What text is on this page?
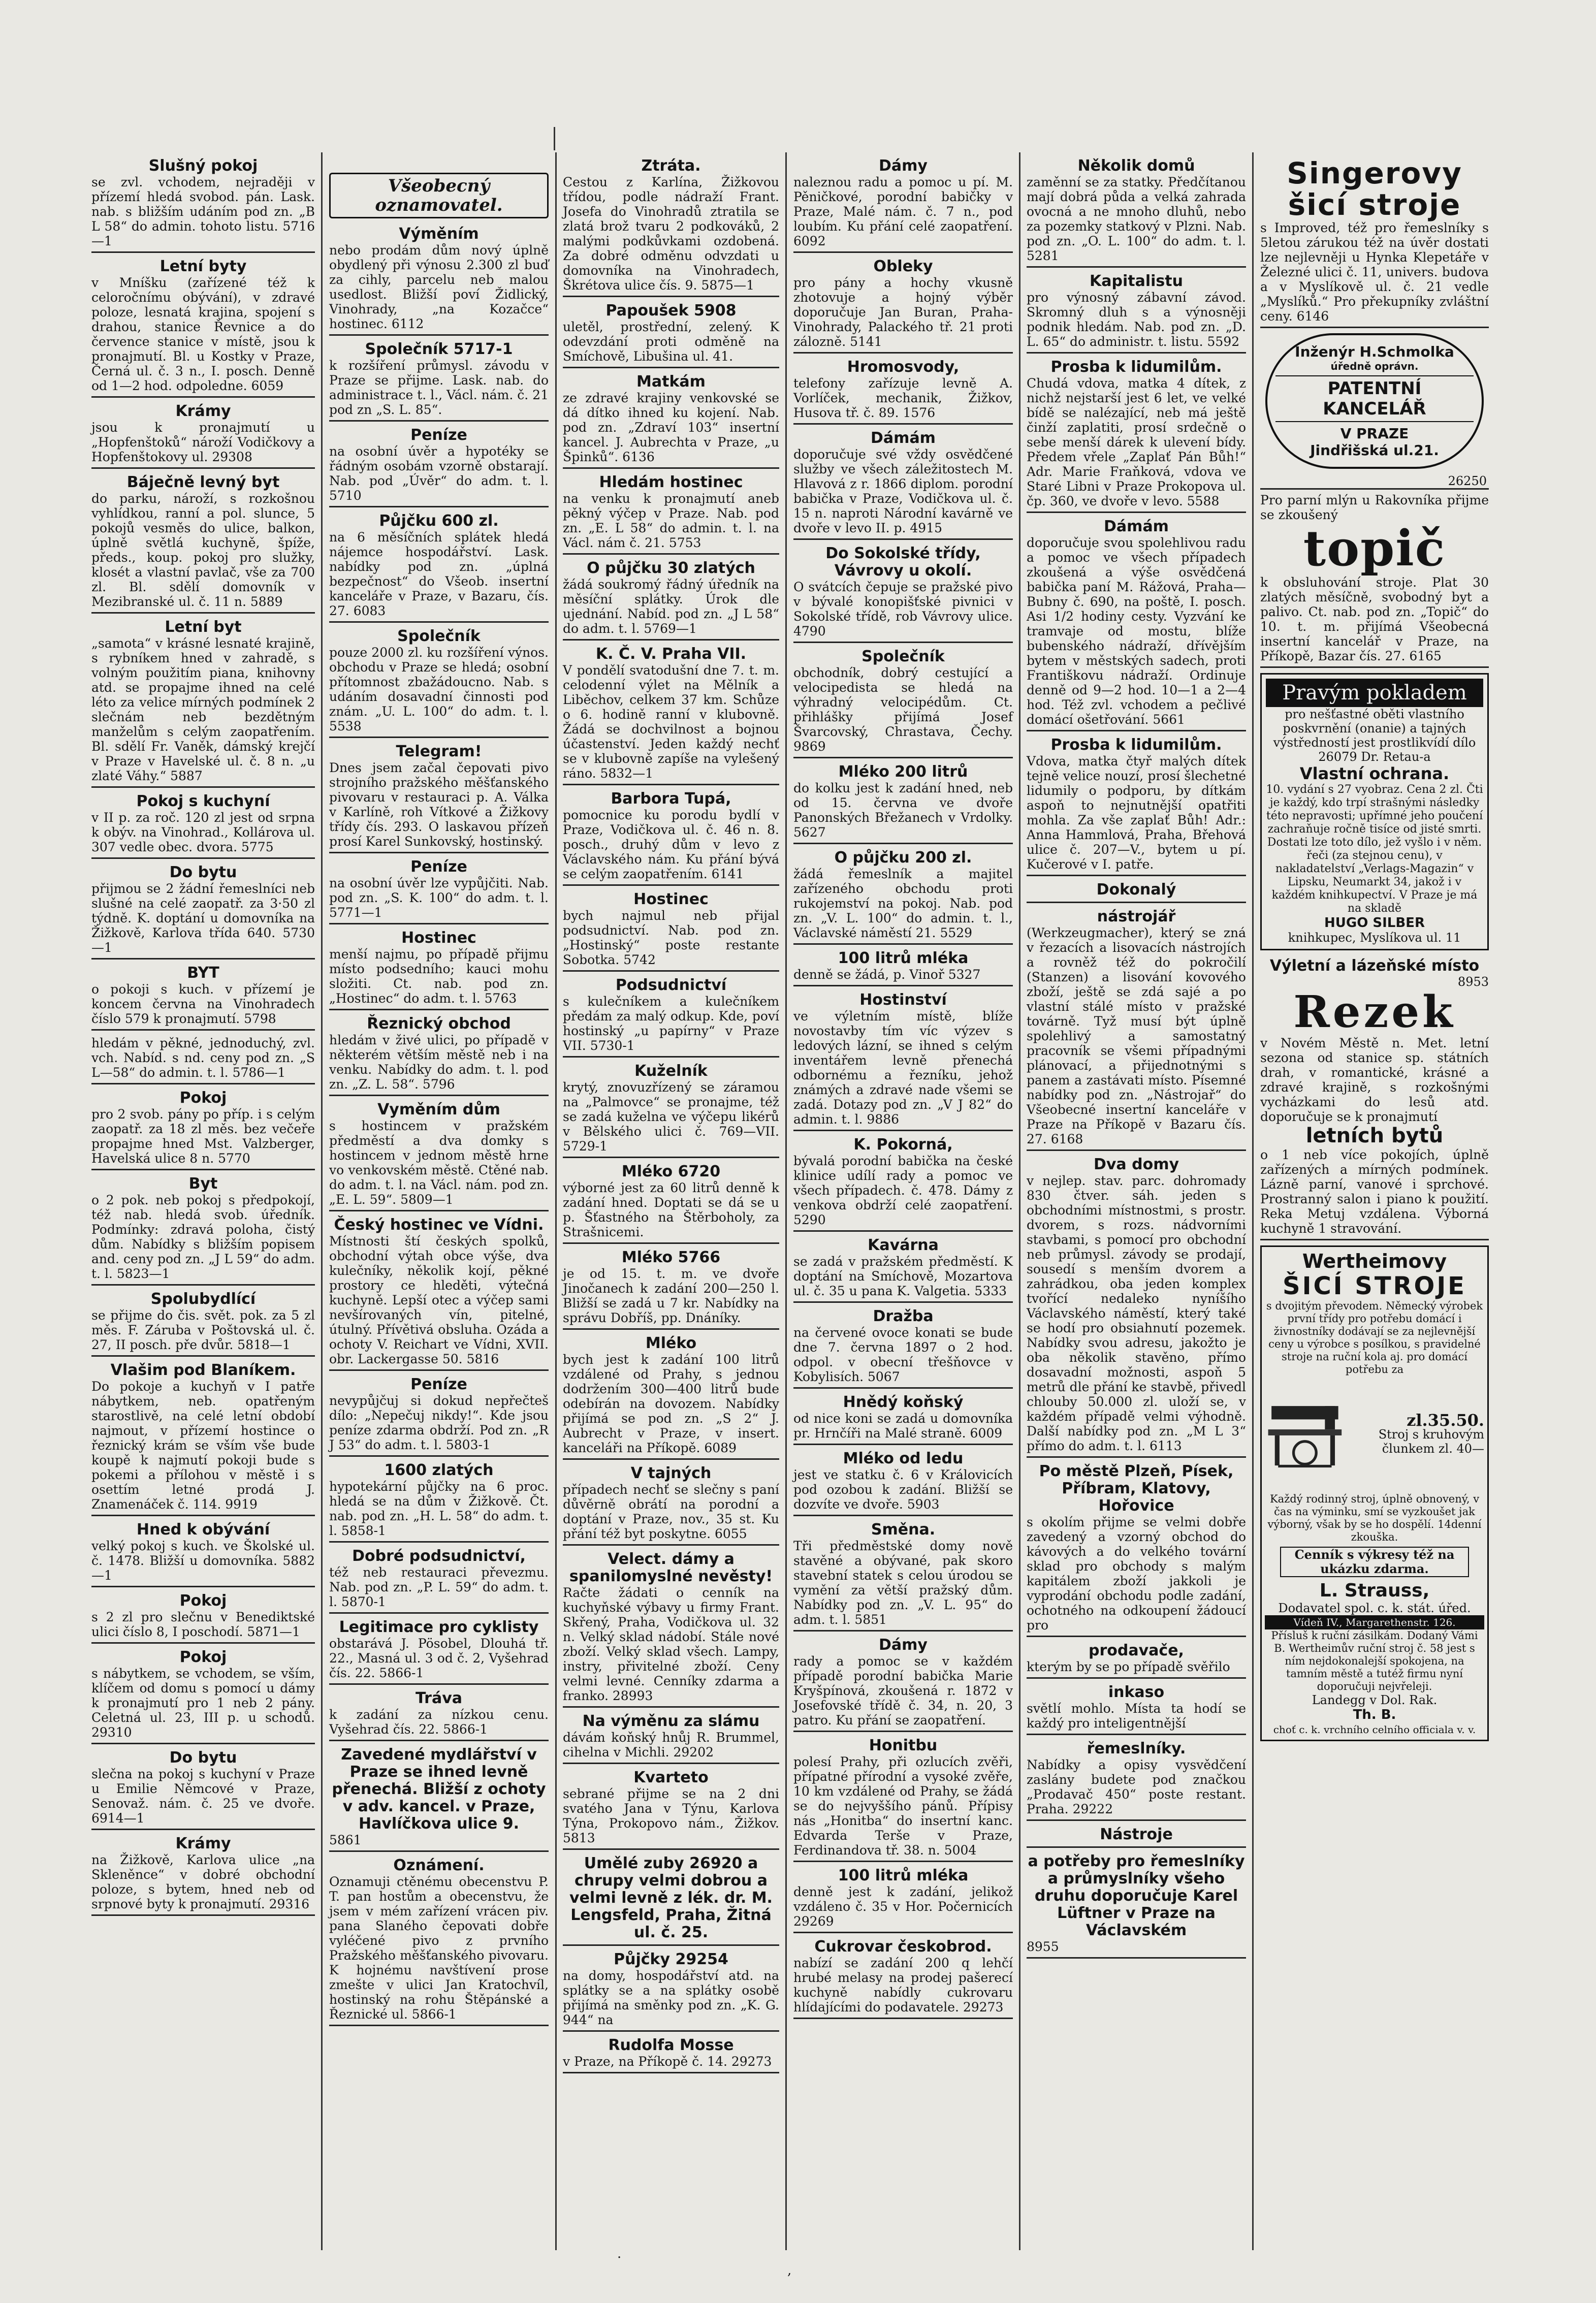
Slušný pokoj

se zvl. vchodem, nejraději v přízemí hledá svobod. pán. Lask. nab. s bližším udáním pod zn. „B L 58“ do admin. tohoto listu. 5716—1

Letní byty

v Mníšku (zařízené též k celoročnímu obývání), v zdravé poloze, lesnatá krajina, spojení s drahou, stanice Řevnice a do července stanice v místě, jsou k pronajmutí. Bl. u Kostky v Praze, Černá ul. č. 3 n., I. posch. Denně od 1—2 hod. odpoledne. 6059

Krámy

jsou k pronajmutí u „Hopfenštoků“ nároží Vodičkovy a Hopfenštokovy ul. 29308

Báječně levný byt

do parku, nároží, s rozkošnou vyhlídkou, ranní a pol. slunce, 5 pokojů vesměs do ulice, balkon, úplně světlá kuchyně, špíže, předs., koup. pokoj pro služky, klosét a vlastní pavlač, vše za 700 zl. Bl. sdělí domovník v Mezibranské ul. č. 11 n. 5889

Letní byt

„samota“ v krásné lesnaté krajině, s rybníkem hned v zahradě, s volným použitím piana, knihovny atd. se propajme ihned na celé léto za velice mírných podmínek 2 slečnám neb bezdětným manželům s celým zaopatřením. Bl. sdělí Fr. Vaněk, dámský krejčí v Praze v Havelské ul. č. 8 n. „u zlaté Váhy.“ 5887

Pokoj s kuchyní

v II p. za roč. 120 zl jest od srpna k obýv. na Vinohrad., Kollárova ul. 307 vedle obec. dvora. 5775

Do bytu

přijmou se 2 žádní řemeslníci neb slušné na celé zaopatř. za 3·50 zl týdně. K. doptání u domovníka na Žižkově, Karlova třída 640. 5730—1

BYT

o pokoji s kuch. v přízemí je koncem června na Vinohradech číslo 579 k pronajmutí. 5798

hledám v pěkné, jednoduchý, zvl. vch. Nabíd. s nd. ceny pod zn. „S L—58“ do admin. t. l. 5786—1

Pokoj

pro 2 svob. pány po příp. i s celým zaopatř. za 18 zl měs. bez večeře propajme hned Mst. Valzberger, Havelská ulice 8 n. 5770

Byt

o 2 pok. neb pokoj s předpokojí, též nab. hledá svob. úředník. Podmínky: zdravá poloha, čistý dům. Nabídky s bližším popisem and. ceny pod zn. „J L 59“ do adm. t. l. 5823—1

Spolubydlící

se přijme do čis. svět. pok. za 5 zl měs. F. Záruba v Poštovská ul. č. 27, II posch. pře dvůr. 5818—1

Vlašim pod Blaníkem.

Do pokoje a kuchyň v I patře nábytkem, neb. opatřeným starostlivě, na celé letní období najmout, v přízemí hostince o řeznický krám se vším vše bude koupě k najmutí pokoji bude s pokemi a přílohou v městě i s osettím letné prodá J. Znamenáček č. 114. 9919

Hned k obývání

velký pokoj s kuch. ve Školské ul. č. 1478. Bližší u domovníka. 5882—1

Pokoj

s 2 zl pro slečnu v Benediktské ulici číslo 8, I poschodí. 5871—1

Pokoj

s nábytkem, se vchodem, se vším, klíčem od domu s pomocí u dámy k pronajmutí pro 1 neb 2 pány. Celetná ul. 23, III p. u schodů. 29310

Do bytu

slečna na pokoj s kuchyní v Praze u Emilie Němcové v Praze, Senovaž. nám. č. 25 ve dvoře. 6914—1

Krámy

na Žižkově, Karlova ulice „na Skleněnce“ v dobré obchodní poloze, s bytem, hned neb od srpnové byty k pronajmutí. 29316

Všeobecný
oznamovatel.
Výměním

nebo prodám dům nový úplně obydlený při výnosu 2.300 zl buď za cihly, parcelu neb malou usedlost. Bližší poví Židlický, Vinohrady, „na Kozačce“ hostinec. 6112

Společník 5717-1

k rozšíření průmysl. závodu v Praze se přijme. Lask. nab. do administrace t. l., Václ. nám. č. 21 pod zn „S. L. 85“.

Peníze

na osobní úvěr a hypotéky se řádným osobám vzorně obstarají. Nab. pod „Úvěr“ do adm. t. l. 5710

Půjčku 600 zl.

na 6 měsíčních splátek hledá nájemce hospodářství. Lask. nabídky pod zn. „úplná bezpečnost“ do Všeob. insertní kanceláře v Praze, v Bazaru, čís. 27. 6083

Společník

pouze 2000 zl. ku rozšíření výnos. obchodu v Praze se hledá; osobní přítomnost zbažádoucno. Nab. s udáním dosavadní činnosti pod znám. „U. L. 100“ do adm. t. l. 5538

Telegram!

Dnes jsem začal čepovati pivo strojního pražského měšťanského pivovaru v restauraci p. A. Válka v Karlíně, roh Vítkové a Žižkovy třídy čís. 293. O laskavou přízeň prosí Karel Sunkovský, hostinský.

Peníze

na osobní úvěr lze vypůjčiti. Nab. pod zn. „S. K. 100“ do adm. t. l. 5771—1

Hostinec

menší najmu, po případě přijmu místo podsedního; kauci mohu složiti. Ct. nab. pod zn. „Hostinec“ do adm. t. l. 5763

Řeznický obchod

hledám v živé ulici, po případě v některém větším městě neb i na venku. Nabídky do adm. t. l. pod zn. „Z. L. 58“. 5796

Vyměním dům

s hostincem v pražském předměstí a dva domky s hostincem v jednom městě hrne vo venkovském městě. Ctěné nab. do adm. t. l. na Václ. nám. pod zn. „E. L. 59“. 5809—1

Český hostinec ve Vídni.

Místnosti ští českých spolků, obchodní výtah obce výše, dva kulečníky, několik kojí, pěkné prostory ce hleděti, výtečná kuchyně. Lepší otec a výčep sami nevšírovaných vín, pitelné, útulný. Přívětivá obsluha. Ozáda a ochoty V. Reichart ve Vídni, XVII. obr. Lackergasse 50. 5816

Peníze

nevypůjčuj si dokud nepřečteš dílo: „Nepečuj nikdy!“. Kde jsou peníze zdarma obdrží. Pod zn. „R J 53“ do adm. t. l. 5803-1

1600 zlatých

hypotekární půjčky na 6 proc. hledá se na dům v Žižkově. Čt. nab. pod zn. „H. L. 58“ do adm. t. l. 5858-1

Dobré podsudnictví,

též neb restauraci převezmu. Nab. pod zn. „P. L. 59“ do adm. t. l. 5870-1

Legitimace pro cyklisty

obstarává J. Pösobel, Dlouhá tř. 22., Masná ul. 3 od č. 2, Vyšehrad čís. 22. 5866-1

Tráva

k zadání za nízkou cenu. Vyšehrad čís. 22. 5866-1

Zavedené mydlářství v Praze se ihned levně přenechá. Bližší z ochoty v adv. kancel. v Praze, Havlíčkova ulice 9.

5861

Oznámení.

Oznamuji ctěnému obecenstvu P. T. pan hostům a obecenstvu, že jsem v mém zařízení vrácen piv. pana Slaného čepovati dobře vyléčené pivo z prvního Pražského měšťanského pivovaru. K hojnému navštívení prose zmešte v ulici Jan Kratochvíl, hostinský na rohu Štěpánské a Řeznické ul. 5866-1

Ztráta.

Cestou z Karlína, Žižkovou třídou, podle nádraží Frant. Josefa do Vinohradů ztratila se zlatá brož tvaru 2 podkováků, 2 malými podkůvkami ozdobená. Za dobré odměnu odvzdati u domovníka na Vinohradech, Škrétova ulice čís. 9. 5875—1

Papoušek 5908

uletěl, prostřední, zelený. K odevzdání proti odměně na Smíchově, Libušina ul. 41.

Matkám

ze zdravé krajiny venkovské se dá dítko ihned ku kojení. Nab. pod zn. „Zdraví 103“ insertní kancel. J. Aubrechta v Praze, „u Špinků“. 6136

Hledám hostinec

na venku k pronajmutí aneb pěkný výčep v Praze. Nab. pod zn. „E. L 58“ do admin. t. l. na Václ. nám č. 21. 5753

O půjčku 30 zlatých

žádá soukromý řádný úředník na měsíční splátky. Úrok dle ujednání. Nabíd. pod zn. „J L 58“ do adm. t. l. 5769—1

K. Č. V. Praha VII.

V pondělí svatodušní dne 7. t. m. celodenní výlet na Mělník a Liběchov, celkem 37 km. Schůze o 6. hodině ranní v klubovně. Žádá se dochvilnost a bojnou účastenství. Jeden každý nechť se v klubovně zapíše na vylešený ráno. 5832—1

Barbora Tupá,

pomocnice ku porodu bydlí v Praze, Vodičkova ul. č. 46 n. 8. posch., druhý dům v levo z Václavského nám. Ku přání bývá se celým zaopatřením. 6141

Hostinec

bych najmul neb přijal podsudnictví. Nab. pod zn. „Hostinský“ poste restante Sobotka. 5742

Podsudnictví

s kulečníkem a kulečníkem předám za malý odkup. Kde, poví hostinský „u papírny“ v Praze VII. 5730-1

Kuželník

krytý, znovuzřízený se záramou na „Palmovce“ se pronajme, též se zadá kuželna ve výčepu likérů v Bělského ulici č. 769—VII. 5729-1

Mléko 6720

výborné jest za 60 litrů denně k zadání hned. Doptati se dá se u p. Šťastného na Štěrboholy, za Strašnicemi.

Mléko 5766

je od 15. t. m. ve dvoře Jinočanech k zadání 200—250 l. Bližší se zadá u 7 kr. Nabídky na správu Dobříš, pp. Dnáníky.

Mléko

bych jest k zadání 100 litrů vzdálené od Prahy, s jednou dodržením 300—400 litrů bude odebírán na dovozem. Nabídky přijímá se pod zn. „S 2“ J. Aubrecht v Praze, v insert. kanceláři na Příkopě. 6089

V tajných

případech nechť se slečny s paní důvěrně obrátí na porodní a doptání v Praze, nov., 35 st. Ku přání též byt poskytne. 6055

Velect. dámy a spanilomyslné nevěsty!

Račte žádati o cenník na kuchyňské výbavy u firmy Frant. Skřený, Praha, Vodičkova ul. 32 n. Velký sklad nádobí. Stále nové zboží. Velký sklad všech. Lampy, instry, přivitelné zboží. Ceny velmi levné. Cenníky zdarma a franko. 28993

Na výměnu za slámu

dávám koňský hnůj R. Brummel, cihelna v Michli. 29202

Kvarteto

sebrané přijme se na 2 dni svatého Jana v Týnu, Karlova Týna, Prokopovo nám., Žižkov. 5813

Umělé zuby 26920 a chrupy velmi dobrou a velmi levně z lék. dr. M. Lengsfeld, Praha, Žitná ul. č. 25.
Půjčky 29254

na domy, hospodářství atd. na splátky se a na splátky osobě přijímá na směnky pod zn. „K. G. 944“ na

Rudolfa Mosse

v Praze, na Příkopě č. 14. 29273

Dámy

naleznou radu a pomoc u pí. M. Pěničkové, porodní babičky v Praze, Malé nám. č. 7 n., pod loubím. Ku přání celé zaopatření. 6092

Obleky

pro pány a hochy vkusně zhotovuje a hojný výběr doporučuje Jan Buran, Praha-Vinohrady, Palackého tř. 21 proti zálozně. 5141

Hromosvody,

telefony zařízuje levně A. Vorlíček, mechanik, Žižkov, Husova tř. č. 89. 1576

Dámám

doporučuje své vždy osvědčené služby ve všech záležitostech M. Hlavová z r. 1866 diplom. porodní babička v Praze, Vodičkova ul. č. 15 n. naproti Národní kavárně ve dvoře v levo II. p. 4915

Do Sokolské třídy, Vávrovy u okolí.

O svátcích čepuje se pražské pivo v bývalé konopišťské pivnici v Sokolské třídě, rob Vávrovy ulice. 4790

Společník

obchodník, dobrý cestující a velocipedista se hledá na výhradný velocipédům. Ct. přihlášky přijímá Josef Švarcovský, Chrastava, Čechy. 9869

Mléko 200 litrů

do kolku jest k zadání hned, neb od 15. června ve dvoře Panonských Břežanech v Vrdolky. 5627

O půjčku 200 zl.

žádá řemeslník a majitel zařízeného obchodu proti rukojemství na pokoj. Nab. pod zn. „V. L. 100“ do admin. t. l., Václavské náměstí 21. 5529

100 litrů mléka

denně se žádá, p. Vinoř 5327

Hostinství

ve výletním místě, blíže novostavby tím víc výzev s ledových lázní, se ihned s celým inventářem levně přenechá odbornému a řezníku, jehož známých a zdravé nade všemi se zadá. Dotazy pod zn. „V J 82“ do admin. t. l. 9886

K. Pokorná,

bývalá porodní babička na české klinice udílí rady a pomoc ve všech případech. č. 478. Dámy z venkova obdrží celé zaopatření. 5290

Kavárna

se zadá v pražském předměstí. K doptání na Smíchově, Mozartova ul. č. 35 u pana K. Valgetia. 5333

Dražba

na červené ovoce konati se bude dne 7. června 1897 o 2 hod. odpol. v obecní třešňovce v Kobylisích. 5067

Hnědý koňský

od nice koni se zadá u domovníka pr. Hrnčíři na Malé straně. 6009

Mléko od ledu

jest ve statku č. 6 v Královicích pod ozobou k zadání. Bližší se dozvíte ve dvoře. 5903

Směna.

Tři předměstské domy nově stavěné a obývané, pak skoro stavební statek s celou úrodou se vymění za větší pražský dům. Nabídky pod zn. „V. L. 95“ do adm. t. l. 5851

Dámy

rady a pomoc se v každém případě porodní babička Marie Kryšpínová, zkoušená r. 1872 v Josefovské třídě č. 34, n. 20, 3 patro. Ku přání se zaopatření.

Honitbu

polesí Prahy, při ozlucích zvěři, přípatné přírodní a vysoké zvěře, 10 km vzdálené od Prahy, se žádá se do nejvyššího pánů. Přípisy nás „Honitba“ do insertní kanc. Edvarda Terše v Praze, Ferdinandova tř. 38. n. 5004

100 litrů mléka

denně jest k zadání, jelikož vzdáleno č. 35 v Hor. Počernicích 29269

Cukrovar českobrod.

nabízí se zadání 200 q lehčí hrubé melasy na prodej pašerecí kuchyně nabídly cukrovaru hlídajícími do podavatele. 29273

Několik domů

zaměnní se za statky. Předčítanou mají dobrá půda a velká zahrada ovocná a ne mnoho dluhů, nebo za pozemky statkový v Plzni. Nab. pod zn. „O. L. 100“ do adm. t. l. 5281

Kapitalistu

pro výnosný zábavní závod. Skromný dluh s a výnosněji podnik hledám. Nab. pod zn. „D. L. 65“ do administr. t. listu. 5592

Prosba k lidumilům.

Chudá vdova, matka 4 dítek, z nichž nejstarší jest 6 let, ve velké bídě se nalézající, neb má ještě činží zaplatiti, prosí srdečně o sebe menší dárek k ulevení bídy. Předem vřele „Zaplať Pán Bůh!“ Adr. Marie Fraňková, vdova ve Staré Libni v Praze Prokopova ul. čp. 360, ve dvoře v levo. 5588

Dámám

doporučuje svou spolehlivou radu a pomoc ve všech případech zkoušená a výše osvědčená babička paní M. Rážová, Praha—Bubny č. 690, na poště, I. posch. Asi 1/2 hodiny cesty. Vyzvání ke tramvaje od mostu, blíže bubenského nádraží, dřívějším bytem v městských sadech, proti Františkovu nádraží. Ordinuje denně od 9—2 hod. 10—1 a 2—4 hod. Též zvl. vchodem a pečlivé domácí ošetřování. 5661

Prosba k lidumilům.

Vdova, matka čtyř malých dítek tejně velice nouzí, prosí šlechetné lidumily o podporu, by dítkám aspoň to nejnutnější opatřiti mohla. Za vše zaplať Bůh! Adr.: Anna Hammlová, Praha, Břehová ulice č. 207—V., bytem u pí. Kučerové v I. patře.

Dokonalý
nástrojář

(Werkzeugmacher), který se zná v řezacích a lisovacích nástrojích a rovněž též do pokročilí (Stanzen) a lisování kovového zboží, ještě se zdá sajé a po vlastní stálé místo v pražské továrně. Tyž musí být úplně spolehlivý a samostatný pracovník se všemi případnými plánovací, a přijednotnými s panem a zastávati místo. Písemné nabídky pod zn. „Nástrojař“ do Všeobecné insertní kanceláře v Praze na Příkopě v Bazaru čís. 27. 6168

Dva domy

v nejlep. stav. parc. dohromady 830 čtver. sáh. jeden s obchodními místnostmi, s prostr. dvorem, s rozs. nádvorními stavbami, s pomocí pro obchodní neb průmysl. závody se prodají, sousedí s menším dvorem a zahrádkou, oba jeden komplex tvořící nedaleko nyníšího Václavského náměstí, který také se hodí pro obsiahnutí pozemek. Nabídky svou adresu, jakožto je oba několik stavěno, přímo dosavadní možnosti, aspoň 5 metrů dle přání ke stavbě, přivedl chlouby 50.000 zl. uloží se, v každém případě velmi výhodně. Další nabídky pod zn. „M L 3“ přímo do adm. t. l. 6113

Po městě Plzeň, Písek, Příbram, Klatovy, Hořovice

s okolím přijme se velmi dobře zavedený a vzorný obchod do kávových a do velkého tovární sklad pro obchody s malým kapitálem zboží jakkoli je vyprodání obchodu podle zadání, ochotného na odkoupení žádoucí pro

prodavače,

kterým by se po případě svěřilo

inkaso

světlí mohlo. Místa ta hodí se každý pro inteligentnější

řemeslníky.

Nabídky a opisy vysvědčení zaslány budete pod značkou „Prodavač 450“ poste restant. Praha. 29222

Nástroje
a potřeby pro řemeslníky a průmyslníky všeho druhu doporučuje Karel Lüftner v Praze na Václavském

8955

Singerovy
šicí stroje

s Improved, též pro řemeslníky s 5letou zárukou též na úvěr dostati lze nejlevněji u Hynka Klepetáře v Železné ulici č. 11, univers. budova a v Myslíkově ul. č. 21 vedle „Myslíků.“ Pro překupníky zvláštní ceny. 6146

Inženýr H.Schmolka
úředně oprávn.
PATENTNÍ KANCELÁŘ
V PRAZE
Jindřišská ul.21.
26250

Pro parní mlýn u Rakovníka přijme se zkoušený

topič

k obsluhování stroje. Plat 30 zlatých měsíčně, svobodný byt a palivo. Ct. nab. pod zn. „Topič“ do 10. t. m. přijímá Všeobecná insertní kancelář v Praze, na Příkopě, Bazar čís. 27. 6165

Pravým pokladem

pro nešťastné oběti vlastního poskvrnění (onanie) a tajných výstředností jest prostlikvídí dílo 26079 Dr. Retau-a

Vlastní ochrana.

10. vydání s 27 vyobraz. Cena 2 zl. Čti je každý, kdo trpí strašnými následky této nepravosti; upřímné jeho poučení zachraňuje ročně tisíce od jisté smrti. Dostati lze toto dílo, jež vyšlo i v něm. řeči (za stejnou cenu), v nakladatelství „Verlags-Magazin“ v Lipsku, Neumarkt 34, jakož i v každém knihkupectví. V Praze je má na skladě

HUGO SILBER

knihkupec, Myslíkova ul. 11

Výletní a lázeňské místo
8953
Rezek

v Novém Městě n. Met. letní sezona od stanice sp. státních drah, v romantické, krásné a zdravé krajině, s rozkošnými vycházkami do lesů atd. doporučuje se k pronajmutí

letních bytů

o 1 neb více pokojích, úplně zařízených a mírných podmínek. Lázně parní, vanové i sprchové. Prostranný salon i piano k použití. Reka Metuj vzdálena. Výborná kuchyně 1 stravování.

Wertheimovy
ŠICÍ STROJE

s dvojitým převodem. Německý výrobek první třídy pro potřebu domácí i živnostníky dodávají se za nejlevnější ceny u výrobce s posílkou, s pravidelné stroje na ruční kola aj. pro domácí potřebu za

zl.35.50.
Stroj s kruhovým člunkem zl. 40—

Každý rodinný stroj, úplně obnovený, v čas na výminku, smí se vyzkoušet jak výborný, však by se ho dospělí. 14denní zkouška.

Cenník s výkresy též na ukázku zdarma.

L. Strauss,

Dodavatel spol. c. k. stát. úřed.

Vídeň IV., Margarethenstr. 126.

Přísluš k ruční zásilkám. Dodaný Vámi B. Wertheimův ruční stroj č. 58 jest s ním nejdokonalejší spokojena, na tamním městě a tutéž firmu nyní doporučuji nejvřeleji.

Landegg v Dol. Rak.

Th. B.

choť c. k. vrchního celního officiala v. v.

·
,
